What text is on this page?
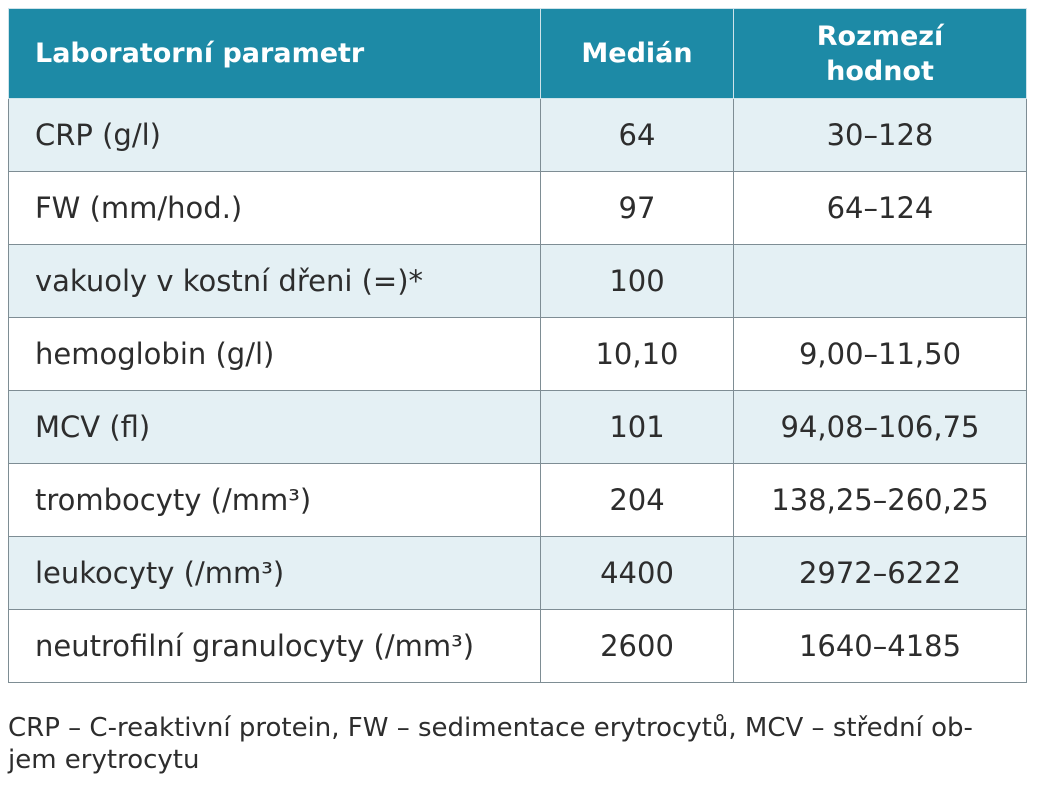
Laboratorní parametr	Medián	Rozmezí
hodnot
CRP (g/l)	64	30–128
FW (mm/hod.)	97	64–124
vakuoly v kostní dřeni (=)*	100	
hemoglobin (g/l)	10,10	9,00–11,50
MCV (fl)	101	94,08–106,75
trombocyty (/mm³)	204	138,25–260,25
leukocyty (/mm³)	4400	2972–6222
neutrofilní granulocyty (/mm³)	2600	1640–4185
CRP – C-reaktivní protein, FW – sedimentace erytrocytů, MCV – střední ob-
jem erytrocytu
